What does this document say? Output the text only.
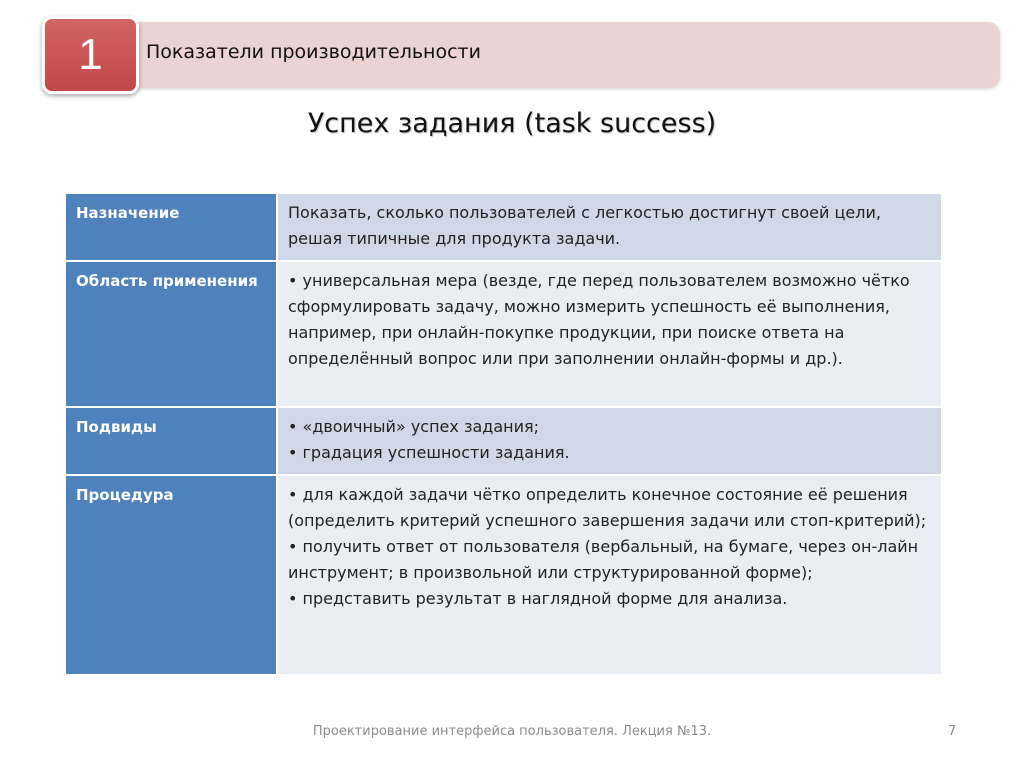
1	Показатели производительности
Успех задания (task success)
Назначение	Показать, сколько пользователей с легкостью достигнут своей цели, решая типичные для продукта задачи.

Область применения	• универсальная мера (везде, где перед пользователем возможно чётко сформулировать задачу, можно измерить успешность её выполнения, например, при онлайн-покупке продукции, при поиске ответа на определённый вопрос или при заполнении онлайн-формы и др.).

Подвиды	• «двоичный» успех задания;
• градация успешности задания.

Процедура	• для каждой задачи чётко определить конечное состояние её решения (определить критерий успешного завершения задачи или стоп-критерий);
• получить ответ от пользователя (вербальный, на бумаге, через он-лайн инструмент; в произвольной или структурированной форме);
• представить результат в наглядной форме для анализа.
Проектирование интерфейса пользователя. Лекция №13.	7
